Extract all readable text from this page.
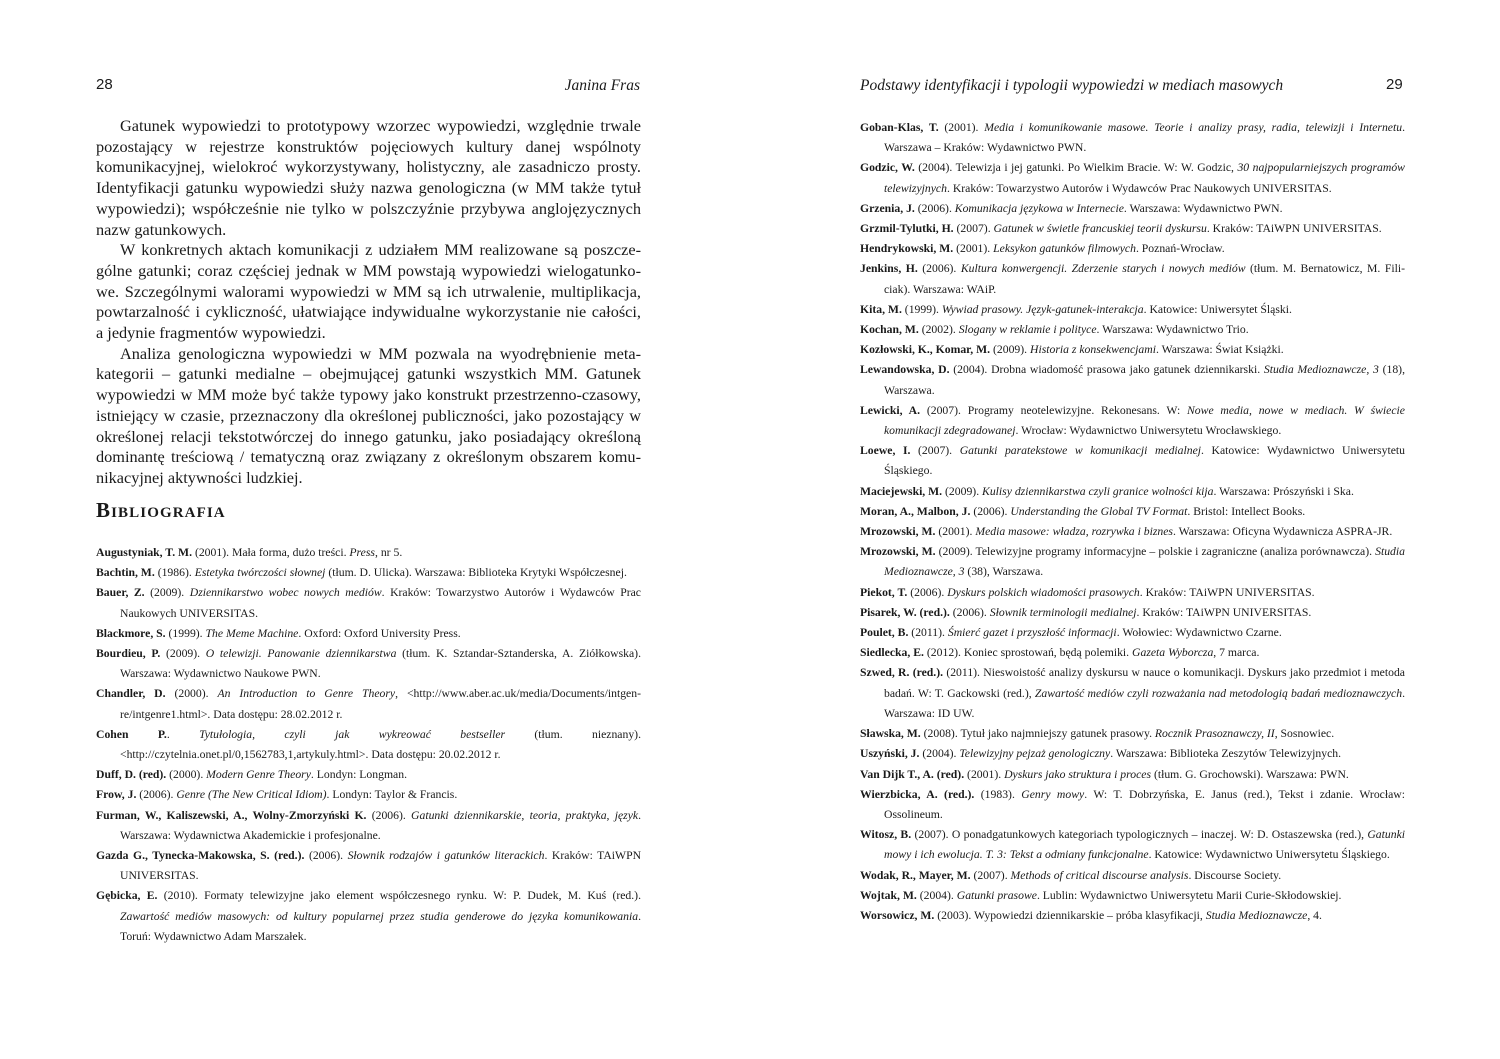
28	Janina Fras

Gatunek wypowiedzi to prototypowy wzorzec wypowiedzi, względnie trwale pozostający w rejestrze konstruktów pojęciowych kultury danej wspólnoty komunikacyjnej, wielokroć wykorzystywany, holistyczny, ale zasadniczo prosty. Identyfikacji gatunku wypowiedzi służy nazwa genologiczna (w MM także tytuł wypowiedzi); współcześnie nie tylko w polszczyźnie przybywa anglojęzycznych nazw gatunkowych.

W konkretnych aktach komunikacji z udziałem MM realizowane są poszczególne gatunki; coraz częściej jednak w MM powstają wypowiedzi wielogatunkowe. Szczególnymi walorami wypowiedzi w MM są ich utrwalenie, multiplikacja, powtarzalność i cykliczność, ułatwiające indywidualne wykorzystanie nie całości, a jedynie fragmentów wypowiedzi.

Analiza genologiczna wypowiedzi w MM pozwala na wyodrębnienie metakategorii – gatunki medialne – obejmującej gatunki wszystkich MM. Gatunek wypowiedzi w MM może być także typowy jako konstrukt przestrzenno-czasowy, istniejący w czasie, przeznaczony dla określonej publiczności, jako pozostający w określonej relacji tekstotwórczej do innego gatunku, jako posiadający określoną dominantę treściową / tematyczną oraz związany z określonym obszarem komunikacyjnej aktywności ludzkiej.

Bibliografia
Augustyniak, T. M. (2001). Mała forma, dużo treści. Press, nr 5.
Bachtin, M. (1986). Estetyka twórczości słownej (tłum. D. Ulicka). Warszawa: Biblioteka Krytyki Współczesnej.
Bauer, Z. (2009). Dziennikarstwo wobec nowych mediów. Kraków: Towarzystwo Autorów i Wydawców Prac Naukowych UNIVERSITAS.
Blackmore, S. (1999). The Meme Machine. Oxford: Oxford University Press.
Bourdieu, P. (2009). O telewizji. Panowanie dziennikarstwa (tłum. K. Sztandar-Sztanderska, A. Ziółkowska). Warszawa: Wydawnictwo Naukowe PWN.
Chandler, D. (2000). An Introduction to Genre Theory, <http://www.aber.ac.uk/media/Documents/intgenre/intgenre1.html>. Data dostępu: 28.02.2012 r.
Cohen P.. Tytułologia, czyli jak wykreować bestseller (tłum. nieznany). <http://czytelnia.onet.pl/0,1562783,1,artykuly.html>. Data dostępu: 20.02.2012 r.
Duff, D. (red). (2000). Modern Genre Theory. Londyn: Longman.
Frow, J. (2006). Genre (The New Critical Idiom). Londyn: Taylor & Francis.
Furman, W., Kaliszewski, A., Wolny-Zmorzyński K. (2006). Gatunki dziennikarskie, teoria, praktyka, język. Warszawa: Wydawnictwa Akademickie i profesjonalne.
Gazda G., Tynecka-Makowska, S. (red.). (2006). Słownik rodzajów i gatunków literackich. Kraków: TAiWPN UNIVERSITAS.
Gębicka, E. (2010). Formaty telewizyjne jako element współczesnego rynku. W: P. Dudek, M. Kuś (red.). Zawartość mediów masowych: od kultury popularnej przez studia genderowe do języka komunikowania. Toruń: Wydawnictwo Adam Marszałek.
Podstawy identyfikacji i typologii wypowiedzi w mediach masowych	29
Goban-Klas, T. (2001). Media i komunikowanie masowe. Teorie i analizy prasy, radia, telewizji i Internetu. Warszawa – Kraków: Wydawnictwo PWN.
Godzic, W. (2004). Telewizja i jej gatunki. Po Wielkim Bracie. W: W. Godzic, 30 najpopularniejszych programów telewizyjnych. Kraków: Towarzystwo Autorów i Wydawców Prac Naukowych UNIVERSITAS.
Grzenia, J. (2006). Komunikacja językowa w Internecie. Warszawa: Wydawnictwo PWN.
Grzmil-Tylutki, H. (2007). Gatunek w świetle francuskiej teorii dyskursu. Kraków: TAiWPN UNIVERSITAS.
Hendrykowski, M. (2001). Leksykon gatunków filmowych. Poznań-Wrocław.
Jenkins, H. (2006). Kultura konwergencji. Zderzenie starych i nowych mediów (tłum. M. Bernatowicz, M. Filiciak). Warszawa: WAiP.
Kita, M. (1999). Wywiad prasowy. Język-gatunek-interakcja. Katowice: Uniwersytet Śląski.
Kochan, M. (2002). Slogany w reklamie i polityce. Warszawa: Wydawnictwo Trio.
Kozłowski, K., Komar, M. (2009). Historia z konsekwencjami. Warszawa: Świat Książki.
Lewandowska, D. (2004). Drobna wiadomość prasowa jako gatunek dziennikarski. Studia Medioznawcze, 3 (18), Warszawa.
Lewicki, A. (2007). Programy neotelewizyjne. Rekonesans. W: Nowe media, nowe w mediach. W świecie komunikacji zdegradowanej. Wrocław: Wydawnictwo Uniwersytetu Wrocławskiego.
Loewe, I. (2007). Gatunki paratekstowe w komunikacji medialnej. Katowice: Wydawnictwo Uniwersytetu Śląskiego.
Maciejewski, M. (2009). Kulisy dziennikarstwa czyli granice wolności kija. Warszawa: Prószyński i Ska.
Moran, A., Malbon, J. (2006). Understanding the Global TV Format. Bristol: Intellect Books.
Mrozowski, M. (2001). Media masowe: władza, rozrywka i biznes. Warszawa: Oficyna Wydawnicza ASPRA-JR.
Mrozowski, M. (2009). Telewizyjne programy informacyjne – polskie i zagraniczne (analiza porównawcza). Studia Medioznawcze, 3 (38), Warszawa.
Piekot, T. (2006). Dyskurs polskich wiadomości prasowych. Kraków: TAiWPN UNIVERSITAS.
Pisarek, W. (red.). (2006). Słownik terminologii medialnej. Kraków: TAiWPN UNIVERSITAS.
Poulet, B. (2011). Śmierć gazet i przyszłość informacji. Wołowiec: Wydawnictwo Czarne.
Siedlecka, E. (2012). Koniec sprostowań, będą polemiki. Gazeta Wyborcza, 7 marca.
Szwed, R. (red.). (2011). Nieswoistość analizy dyskursu w nauce o komunikacji. Dyskurs jako przedmiot i metoda badań. W: T. Gackowski (red.), Zawartość mediów czyli rozważania nad metodologią badań medioznawczych. Warszawa: ID UW.
Sławska, M. (2008). Tytuł jako najmniejszy gatunek prasowy. Rocznik Prasoznawczy, II, Sosnowiec.
Uszyński, J. (2004). Telewizyjny pejzaż genologiczny. Warszawa: Biblioteka Zeszytów Telewizyjnych.
Van Dijk T., A. (red). (2001). Dyskurs jako struktura i proces (tłum. G. Grochowski). Warszawa: PWN.
Wierzbicka, A. (red.). (1983). Genry mowy. W: T. Dobrzyńska, E. Janus (red.), Tekst i zdanie. Wrocław: Ossolineum.
Witosz, B. (2007). O ponadgatunkowych kategoriach typologicznych – inaczej. W: D. Ostaszewska (red.), Gatunki mowy i ich ewolucja. T. 3: Tekst a odmiany funkcjonalne. Katowice: Wydawnictwo Uniwersytetu Śląskiego.
Wodak, R., Mayer, M. (2007). Methods of critical discourse analysis. Discourse Society.
Wojtak, M. (2004). Gatunki prasowe. Lublin: Wydawnictwo Uniwersytetu Marii Curie-Skłodowskiej.
Worsowicz, M. (2003). Wypowiedzi dziennikarskie – próba klasyfikacji, Studia Medioznawcze, 4.
